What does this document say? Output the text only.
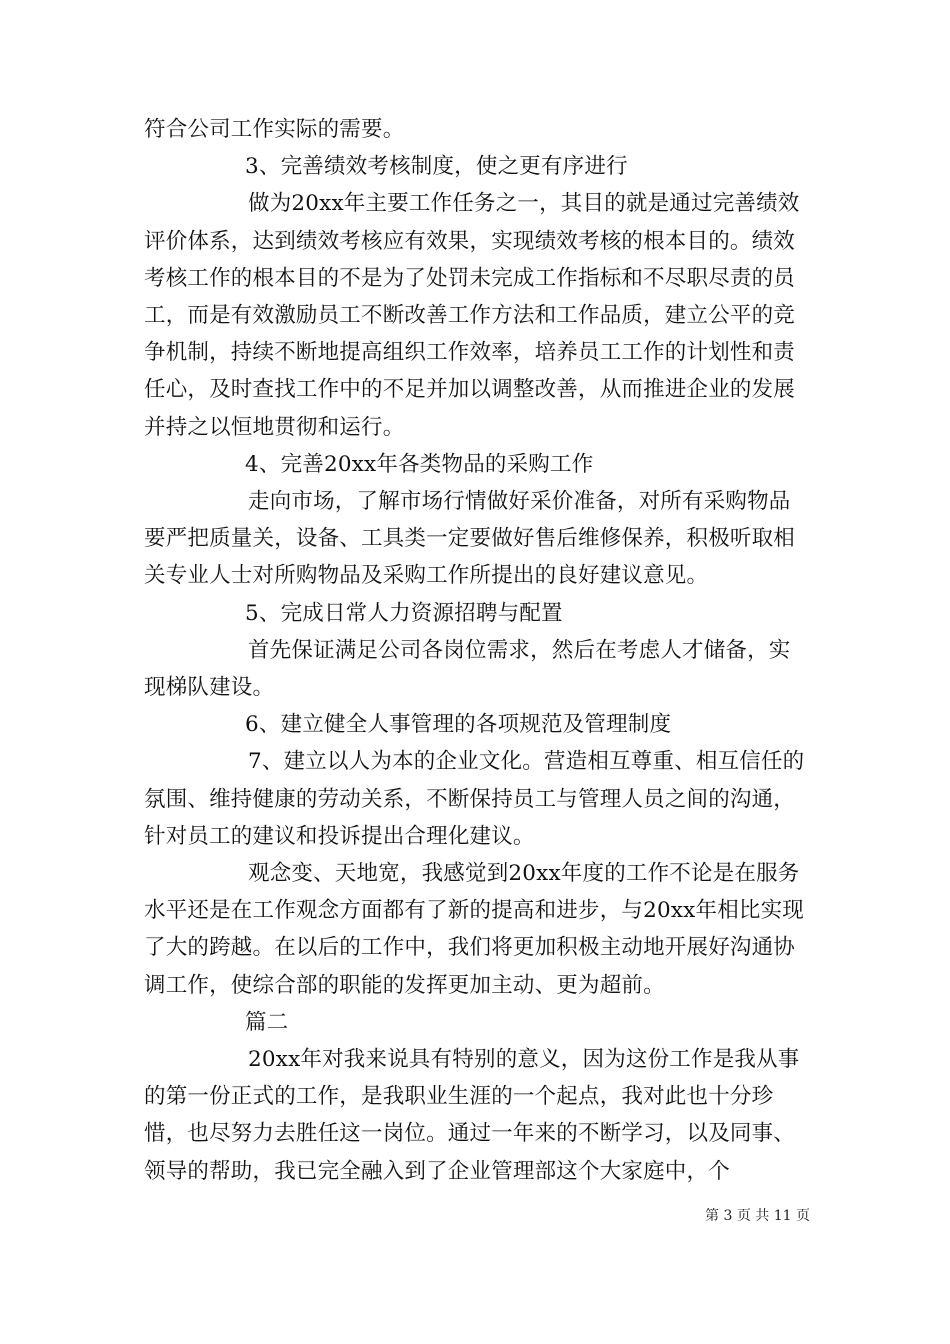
符合公司工作实际的需要。

3、完善绩效考核制度，使之更有序进行

做为20xx年主要工作任务之一，其目的就是通过完善绩效评价体系，达到绩效考核应有效果，实现绩效考核的根本目的。绩效考核工作的根本目的不是为了处罚未完成工作指标和不尽职尽责的员工，而是有效激励员工不断改善工作方法和工作品质，建立公平的竞争机制，持续不断地提高组织工作效率，培养员工工作的计划性和责任心，及时查找工作中的不足并加以调整改善，从而推进企业的发展并持之以恒地贯彻和运行。

4、完善20xx年各类物品的采购工作

走向市场，了解市场行情做好采价准备，对所有采购物品要严把质量关，设备、工具类一定要做好售后维修保养，积极听取相关专业人士对所购物品及采购工作所提出的良好建议意见。

5、完成日常人力资源招聘与配置

首先保证满足公司各岗位需求，然后在考虑人才储备，实现梯队建设。

6、建立健全人事管理的各项规范及管理制度

7、建立以人为本的企业文化。营造相互尊重、相互信任的氛围、维持健康的劳动关系，不断保持员工与管理人员之间的沟通，针对员工的建议和投诉提出合理化建议。

观念变、天地宽，我感觉到20xx年度的工作不论是在服务水平还是在工作观念方面都有了新的提高和进步，与20xx年相比实现了大的跨越。在以后的工作中，我们将更加积极主动地开展好沟通协调工作，使综合部的职能的发挥更加主动、更为超前。

篇二

20xx年对我来说具有特别的意义，因为这份工作是我从事的第一份正式的工作，是我职业生涯的一个起点，我对此也十分珍惜，也尽努力去胜任这一岗位。通过一年来的不断学习，以及同事、领导的帮助，我已完全融入到了企业管理部这个大家庭中，个

第 3 页 共 11 页
